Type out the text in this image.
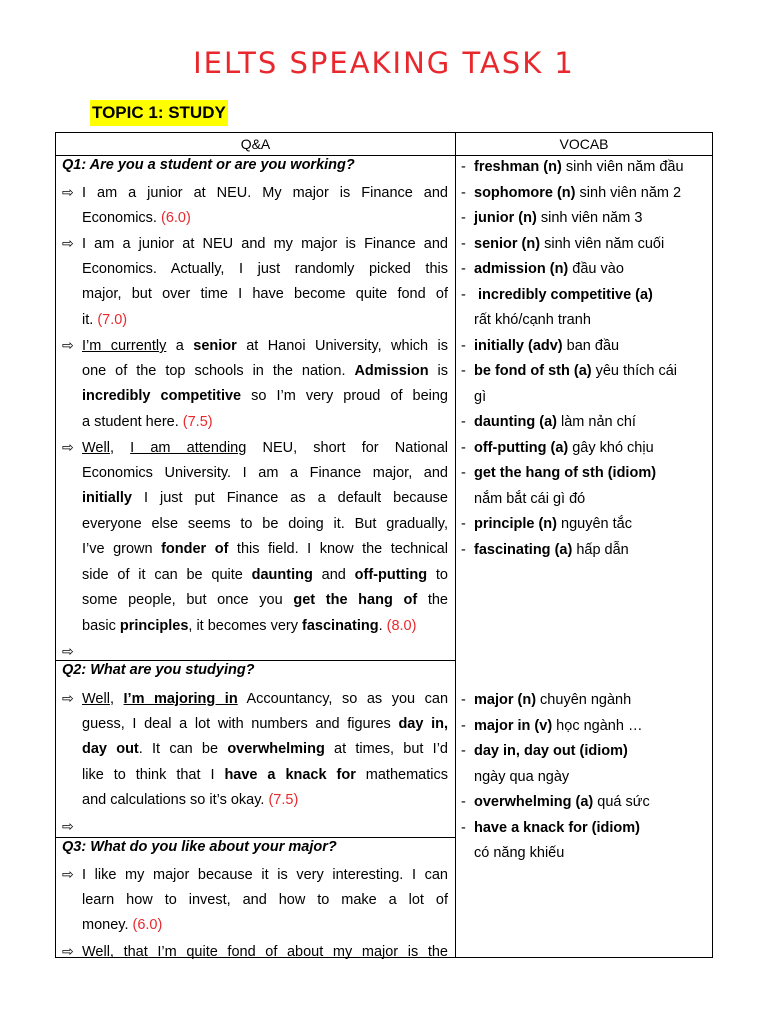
IELTS SPEAKING TASK 1
TOPIC 1: STUDY
Q&A	VOCAB
Q1: Are you a student or are you working?
⇨ I am a junior at NEU. My major is Finance and
Economics. (6.0)
⇨ I am a junior at NEU and my major is Finance and
Economics. Actually, I just randomly picked this
major, but over time I have become quite fond of
it. (7.0)
⇨ I’m currently a senior at Hanoi University, which is
one of the top schools in the nation. Admission is
incredibly competitive so I’m very proud of being
a student here. (7.5)
⇨ Well, I am attending NEU, short for National
Economics University. I am a Finance major, and
initially I just put Finance as a default because
everyone else seems to be doing it. But gradually,
I’ve grown fonder of this field. I know the technical
side of it can be quite daunting and off-putting to
some people, but once you get the hang of the
basic principles, it becomes very fascinating. (8.0)
⇨
Q2: What are you studying?
⇨ Well, I’m majoring in Accountancy, so as you can
guess, I deal a lot with numbers and figures day in,
day out. It can be overwhelming at times, but I’d
like to think that I have a knack for mathematics
and calculations so it’s okay. (7.5)
⇨
Q3: What do you like about your major?
⇨ I like my major because it is very interesting. I can
learn how to invest, and how to make a lot of
money. (6.0)
⇨ Well, that I’m quite fond of about my major is the
- freshman (n) sinh viên năm đầu
- sophomore (n) sinh viên năm 2
- junior (n) sinh viên năm 3
- senior (n) sinh viên năm cuối
- admission (n) đầu vào
- incredibly competitive (a)
rất khó/cạnh tranh
- initially (adv) ban đầu
- be fond of sth (a) yêu thích cái
gì
- daunting (a) làm nản chí
- off-putting (a) gây khó chịu
- get the hang of sth (idiom)
nắm bắt cái gì đó
- principle (n) nguyên tắc
- fascinating (a) hấp dẫn
- major (n) chuyên ngành
- major in (v) học ngành …
- day in, day out (idiom)
ngày qua ngày
- overwhelming (a) quá sức
- have a knack for (idiom)
có năng khiếu
